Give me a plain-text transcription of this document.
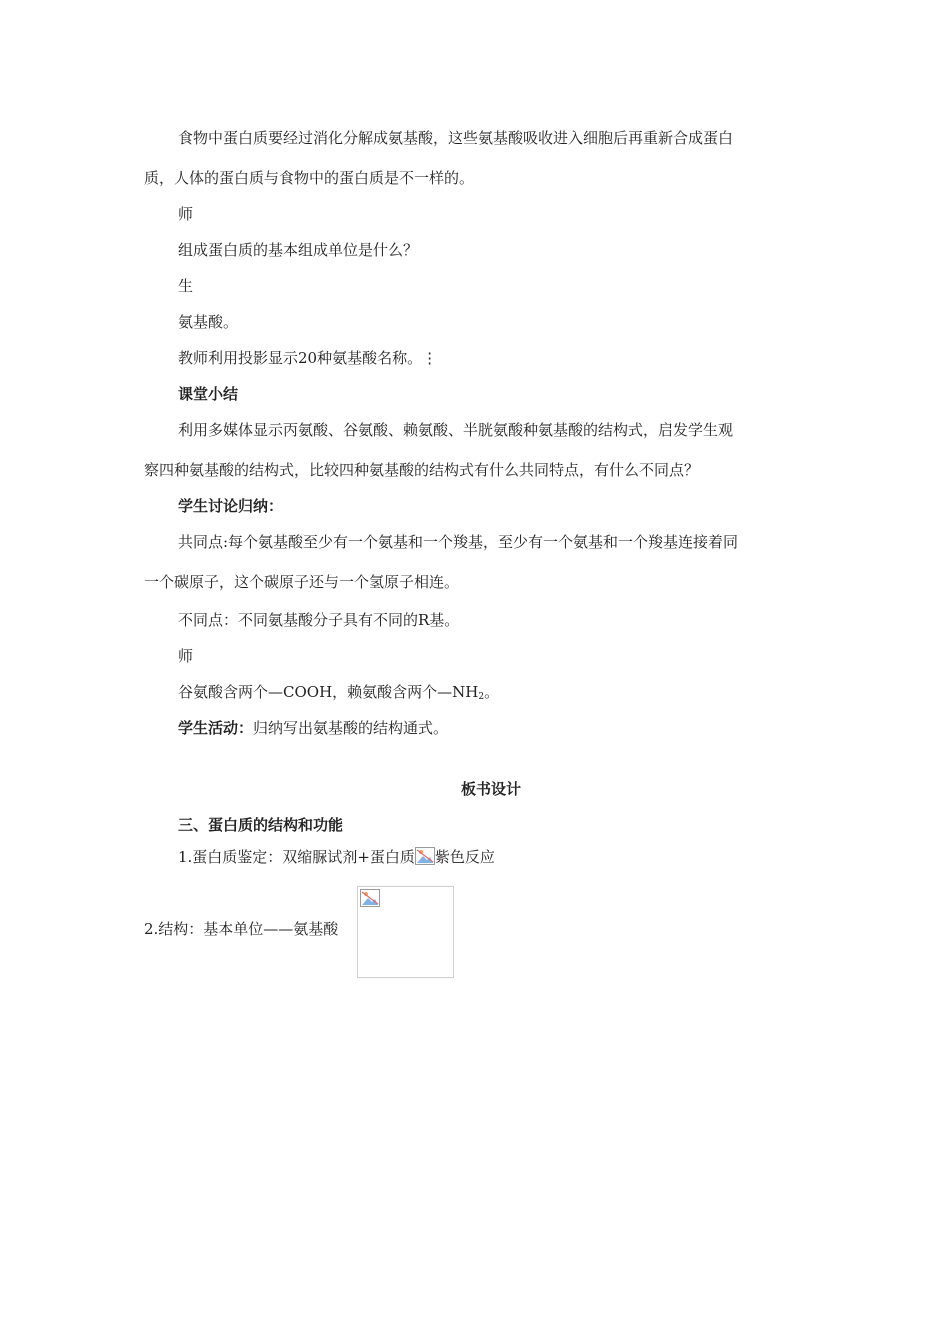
食物中蛋白质要经过消化分解成氨基酸，这些氨基酸吸收进入细胞后再重新合成蛋白
质，人体的蛋白质与食物中的蛋白质是不一样的。
师
组成蛋白质的基本组成单位是什么？
生
氨基酸。
教师利用投影显示20种氨基酸名称。⋮
课堂小结
利用多媒体显示丙氨酸、谷氨酸、赖氨酸、半胱氨酸种氨基酸的结构式，启发学生观
察四种氨基酸的结构式，比较四种氨基酸的结构式有什么共同特点，有什么不同点？
学生讨论归纳：
共同点:每个氨基酸至少有一个氨基和一个羧基，至少有一个氨基和一个羧基连接着同
一个碳原子，这个碳原子还与一个氢原子相连。
不同点：不同氨基酸分子具有不同的R基。
师
谷氨酸含两个—COOH，赖氨酸含两个$—NH_2$。
学生活动：归纳写出氨基酸的结构通式。
板书设计
三、蛋白质的结构和功能
1.蛋白质鉴定：双缩脲试剂+蛋白质 紫色反应
2.结构：基本单位——氨基酸
